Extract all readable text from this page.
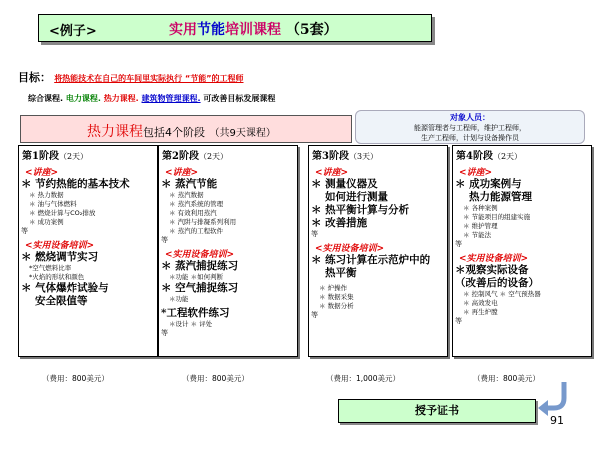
<例子>	实用节能培训课程 （5套）
目标： 将热能技术在自己的车间里实际执行 “节能”的工程师
综合课程. 电力课程. 热力课程. 建筑物管理课程. 可改善目标发展课程
热力课程包括4个阶段 （共9天课程）
对象人员：
能源管理者与工程师，维护工程师，
生产工程师，计划与设备操作员
第1阶段（2天）
<讲座>
＊ 节约热能的基本技术
＊ 热力数据
＊ 油与气体燃料
＊ 燃烧计算与CO₂排放
＊ 成功案例
等
<实用设备培训>
＊ 燃烧调节实习
*空气燃料比率
*火焰的形状和颜色
＊ 气体爆炸试验与
安全限值等
第2阶段（2天）
<讲座>
＊ 蒸汽节能
＊ 蒸汽数据
＊ 蒸汽系统的管理
＊ 有效利用蒸汽
＊ 汽阱与排凝系列利用
＊ 蒸汽的工程软件
等
<实用设备培训>
＊ 蒸汽捕捉练习
＊功能 ＊如何判断
＊ 空气捕捉练习
＊功能
*工程软件练习
＊设计 ＊ 评处
等
第3阶段（3天）
<讲座>
＊ 测量仪器及
如何进行测量
＊ 热平衡计算与分析
＊ 改善措施
等
<实用设备培训>
＊ 练习计算在示范炉中的
热平衡
＊ 炉操作
＊ 数据采集
＊ 数据分析
等
第4阶段（2天）
<讲座>
＊ 成功案例与
热力能源管理
＊ 各种案例
＊ 节能项目的组建实施
＊ 维护管理
＊ 节能法
等
<实用设备培训>
＊观察实际设备
（改善后的设备）
＊ 控制风气 ＊ 空气预热器
＊ 高效发电
＊ 再生炉膛
等
（费用：800美元）	（费用：800美元）	（费用：1,000美元）	（费用：800美元）
授予证书
91
